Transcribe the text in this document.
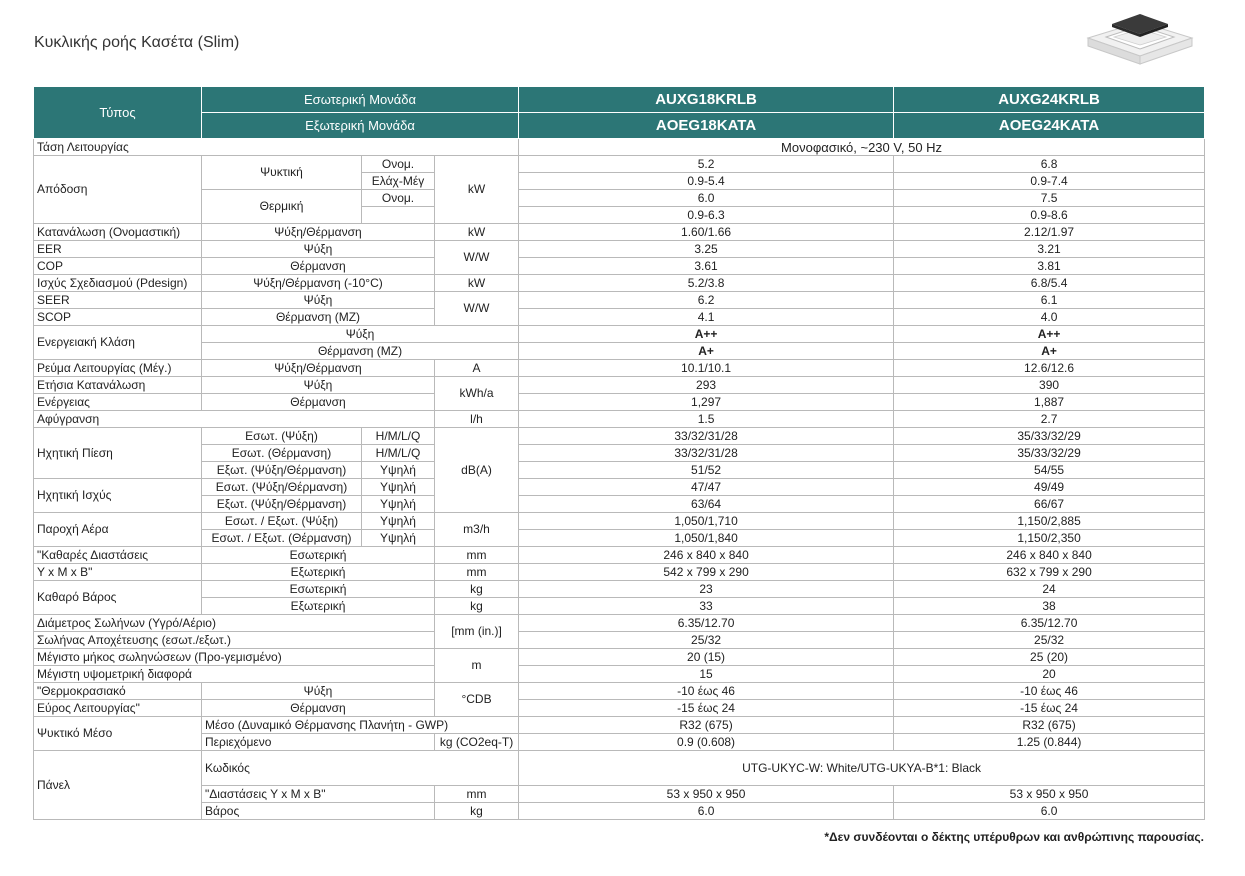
Κυκλικής ροής Κασέτα (Slim)
Τύπος	Εσωτερική Μονάδα			AUXG18KRLB	AUXG24KRLB
	Εξωτερική Μονάδα			AOEG18KATA	AOEG24KATA
Τάση Λειτουργίας				Μονοφασικό, ~230 V, 50 Hz	
Απόδοση	Ψυκτική	Ονομ.	kW	5.2	6.8
		Ελάχ-Μέγ		0.9-5.4	0.9-7.4
	Θερμική	Ονομ.		6.0	7.5
				0.9-6.3	0.9-8.6
Κατανάλωση (Ονομαστική)	Ψύξη/Θέρμανση		kW	1.60/1.66	2.12/1.97
EER	Ψύξη		W/W	3.25	3.21
COP	Θέρμανση			3.61	3.81
Ισχύς Σχεδιασμού (Pdesign)	Ψύξη/Θέρμανση (-10°C)		kW	5.2/3.8	6.8/5.4
SEER	Ψύξη		W/W	6.2	6.1
SCOP	Θέρμανση (MZ)			4.1	4.0
Ενεργειακή Κλάση	Ψύξη			A++	A++
	Θέρμανση (MZ)			A+	A+
Ρεύμα Λειτουργίας (Μέγ.)	Ψύξη/Θέρμανση		A	10.1/10.1	12.6/12.6
Ετήσια Κατανάλωση	Ψύξη		kWh/a	293	390
Ενέργειας	Θέρμανση			1,297	1,887
Αφύγρανση			l/h	1.5	2.7
Ηχητική Πίεση	Εσωτ. (Ψύξη)	H/M/L/Q	dB(A)	33/32/31/28	35/33/32/29
	Εσωτ. (Θέρμανση)	H/M/L/Q		33/32/31/28	35/33/32/29
	Εξωτ. (Ψύξη/Θέρμανση)	Υψηλή		51/52	54/55
Ηχητική Ισχύς	Εσωτ. (Ψύξη/Θέρμανση)	Υψηλή		47/47	49/49
	Εξωτ. (Ψύξη/Θέρμανση)	Υψηλή		63/64	66/67
Παροχή Αέρα	Εσωτ. / Εξωτ. (Ψύξη)	Υψηλή	m3/h	1,050/1,710	1,150/2,885
	Εσωτ. / Εξωτ. (Θέρμανση)	Υψηλή		1,050/1,840	1,150/2,350
"Καθαρές Διαστάσεις	Εσωτερική		mm	246 x 840 x 840	246 x 840 x 840
Υ x Μ x Β"	Εξωτερική		mm	542 x 799 x 290	632 x 799 x 290
Καθαρό Βάρος	Εσωτερική		kg	23	24
	Εξωτερική		kg	33	38
Διάμετρος Σωλήνων (Υγρό/Αέριο)			[mm (in.)]	6.35/12.70	6.35/12.70
Σωλήνας Αποχέτευσης (εσωτ./εξωτ.)				25/32	25/32
Μέγιστο μήκος σωληνώσεων (Προ-γεμισμένο)			m	20 (15)	25 (20)
Μέγιστη υψομετρική διαφορά				15	20
"Θερμοκρασιακό	Ψύξη		°CDB	-10 έως 46	-10 έως 46
Εύρος Λειτουργίας"	Θέρμανση			-15 έως 24	-15 έως 24
Ψυκτικό Μέσο	Μέσο (Δυναμικό Θέρμανσης Πλανήτη - GWP)			R32 (675)	R32 (675)
	Περιεχόμενο		kg (CO2eq-T)	0.9 (0.608)	1.25 (0.844)
Πάνελ	Κωδικός			UTG-UKYC-W: White/UTG-UKYA-B*1: Black	
	"Διαστάσεις Υ x Μ x Β"		mm	53 x 950 x 950	53 x 950 x 950
	Βάρος		kg	6.0	6.0
*Δεν συνδέονται ο δέκτης υπέρυθρων και ανθρώπινης παρουσίας.
